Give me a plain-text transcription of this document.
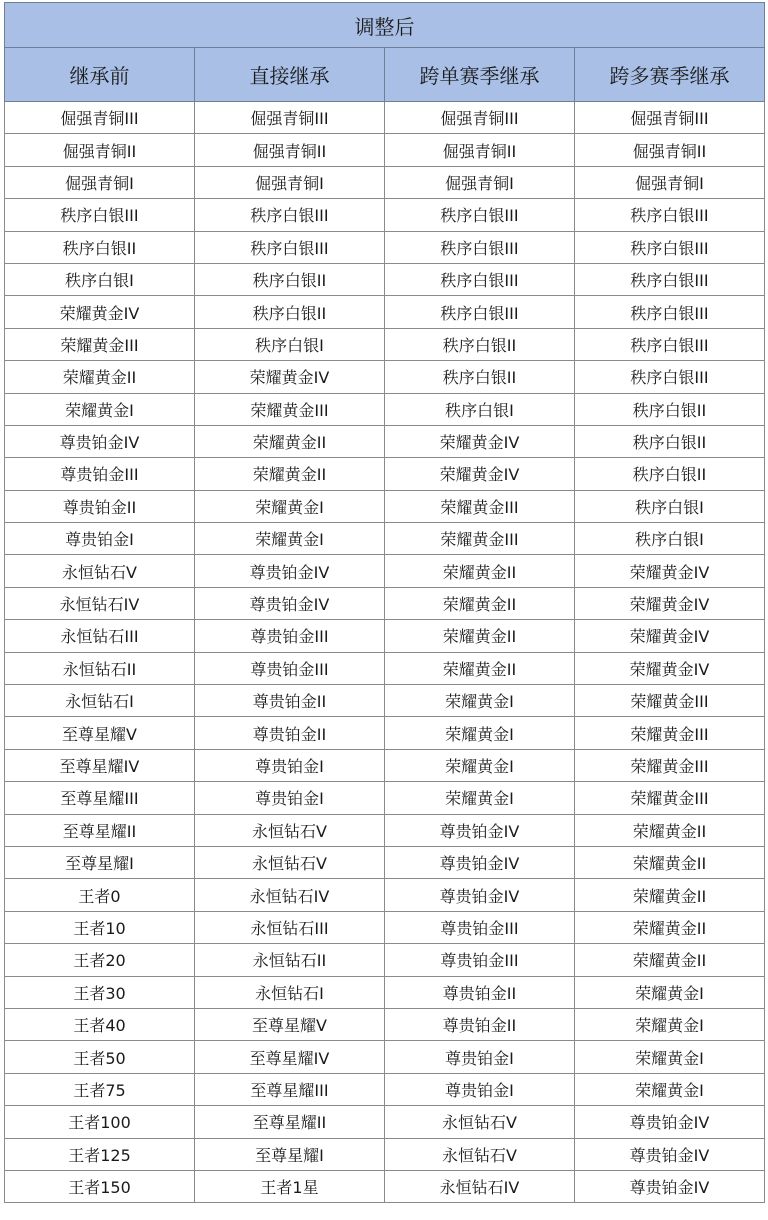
调整后			
继承前	直接继承	跨单赛季继承	跨多赛季继承
倔强青铜III	倔强青铜III	倔强青铜III	倔强青铜III
倔强青铜II	倔强青铜II	倔强青铜II	倔强青铜II
倔强青铜I	倔强青铜I	倔强青铜I	倔强青铜I
秩序白银III	秩序白银III	秩序白银III	秩序白银III
秩序白银II	秩序白银III	秩序白银III	秩序白银III
秩序白银I	秩序白银II	秩序白银III	秩序白银III
荣耀黄金IV	秩序白银II	秩序白银III	秩序白银III
荣耀黄金III	秩序白银I	秩序白银II	秩序白银III
荣耀黄金II	荣耀黄金IV	秩序白银II	秩序白银III
荣耀黄金I	荣耀黄金III	秩序白银I	秩序白银II
尊贵铂金IV	荣耀黄金II	荣耀黄金IV	秩序白银II
尊贵铂金III	荣耀黄金II	荣耀黄金IV	秩序白银II
尊贵铂金II	荣耀黄金I	荣耀黄金III	秩序白银I
尊贵铂金I	荣耀黄金I	荣耀黄金III	秩序白银I
永恒钻石V	尊贵铂金IV	荣耀黄金II	荣耀黄金IV
永恒钻石IV	尊贵铂金IV	荣耀黄金II	荣耀黄金IV
永恒钻石III	尊贵铂金III	荣耀黄金II	荣耀黄金IV
永恒钻石II	尊贵铂金III	荣耀黄金II	荣耀黄金IV
永恒钻石I	尊贵铂金II	荣耀黄金I	荣耀黄金III
至尊星耀V	尊贵铂金II	荣耀黄金I	荣耀黄金III
至尊星耀IV	尊贵铂金I	荣耀黄金I	荣耀黄金III
至尊星耀III	尊贵铂金I	荣耀黄金I	荣耀黄金III
至尊星耀II	永恒钻石V	尊贵铂金IV	荣耀黄金II
至尊星耀I	永恒钻石V	尊贵铂金IV	荣耀黄金II
王者0	永恒钻石IV	尊贵铂金IV	荣耀黄金II
王者10	永恒钻石III	尊贵铂金III	荣耀黄金II
王者20	永恒钻石II	尊贵铂金III	荣耀黄金II
王者30	永恒钻石I	尊贵铂金II	荣耀黄金I
王者40	至尊星耀V	尊贵铂金II	荣耀黄金I
王者50	至尊星耀IV	尊贵铂金I	荣耀黄金I
王者75	至尊星耀III	尊贵铂金I	荣耀黄金I
王者100	至尊星耀II	永恒钻石V	尊贵铂金IV
王者125	至尊星耀I	永恒钻石V	尊贵铂金IV
王者150	王者1星	永恒钻石IV	尊贵铂金IV
